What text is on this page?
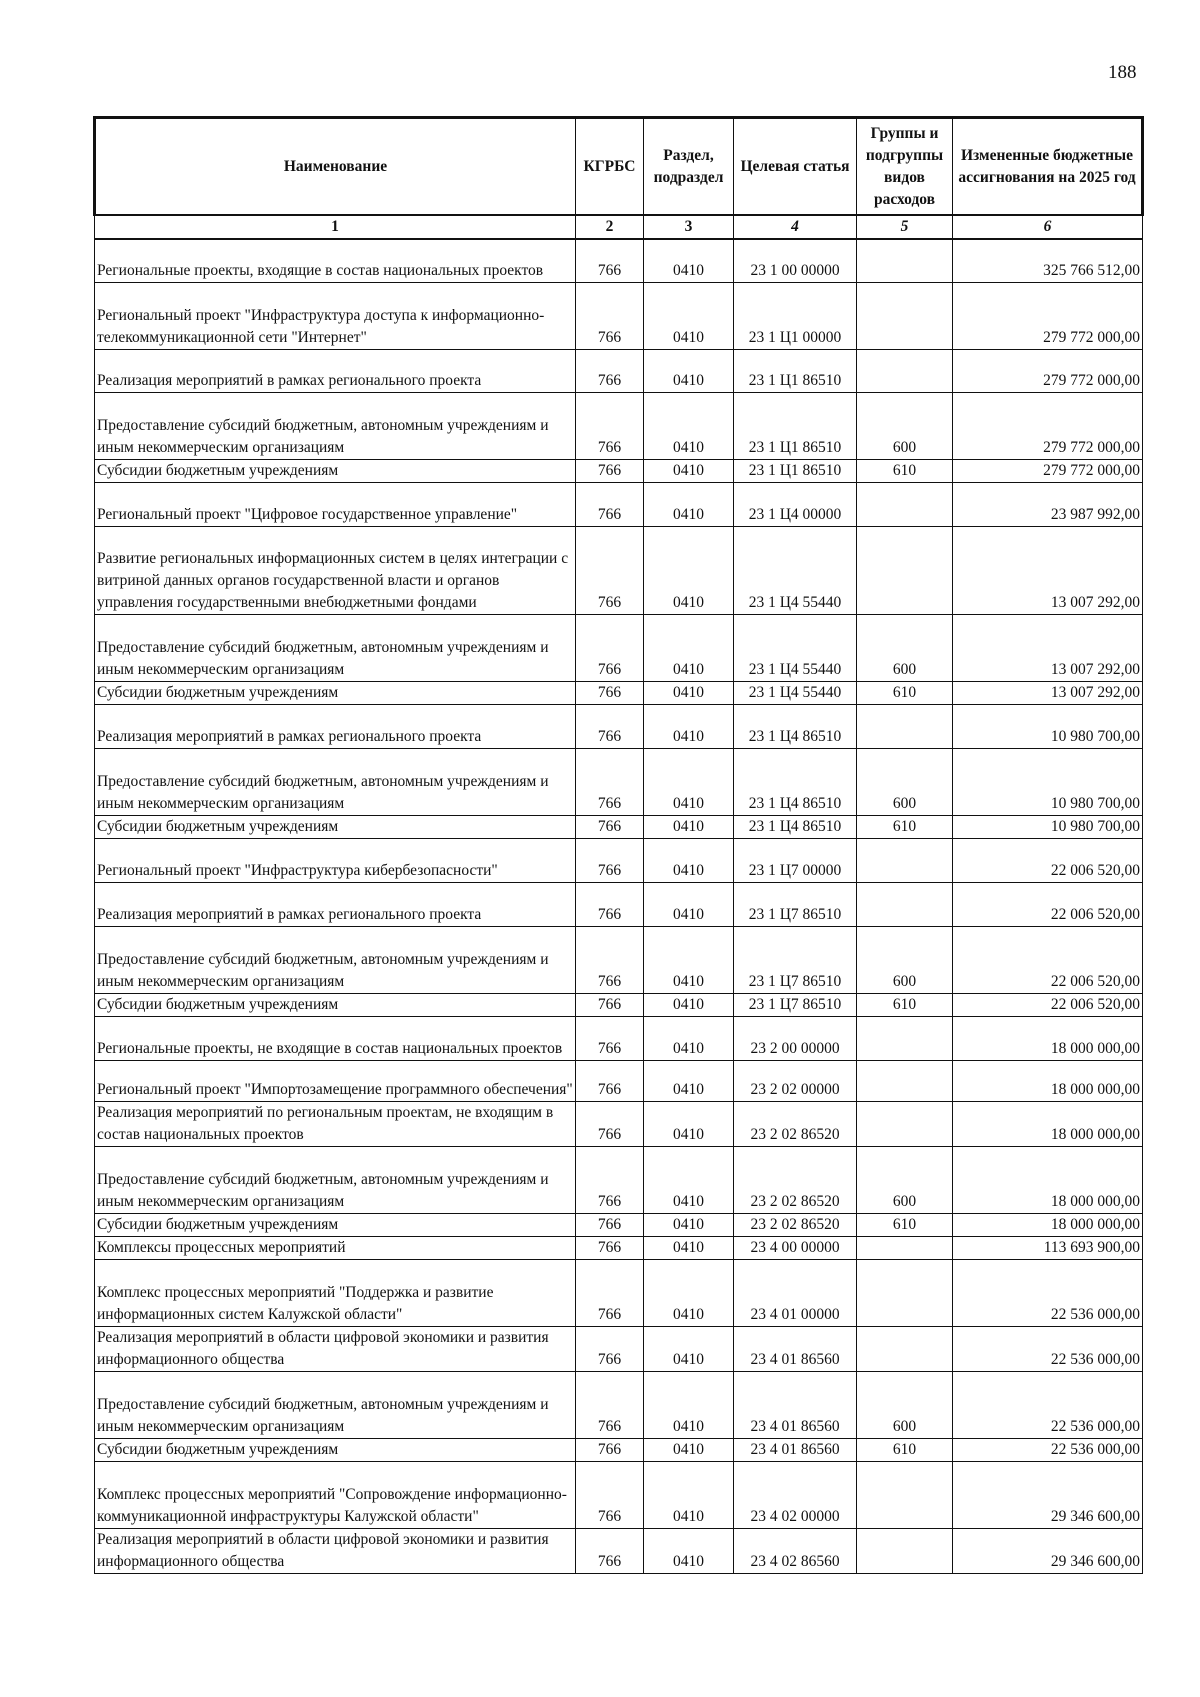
188
Наименование	КГРБС	Раздел, подраздел	Целевая статья	Группы и подгруппы видов расходов	Измененные бюджетные ассигнования на 2025 год
1	2	3	4	5	6
Региональные проекты, входящие в состав национальных проектов	766	0410	23 1 00 00000		325 766 512,00
Региональный проект "Инфраструктура доступа к информационно-телекоммуникационной сети "Интернет"	766	0410	23 1 Ц1 00000		279 772 000,00
Реализация мероприятий в рамках регионального проекта	766	0410	23 1 Ц1 86510		279 772 000,00
Предоставление субсидий бюджетным, автономным учреждениям и иным некоммерческим организациям	766	0410	23 1 Ц1 86510	600	279 772 000,00
Субсидии бюджетным учреждениям	766	0410	23 1 Ц1 86510	610	279 772 000,00
Региональный проект "Цифровое государственное управление"	766	0410	23 1 Ц4 00000		23 987 992,00
Развитие региональных информационных систем в целях интеграции с витриной данных органов государственной власти и органов управления государственными внебюджетными фондами	766	0410	23 1 Ц4 55440		13 007 292,00
Предоставление субсидий бюджетным, автономным учреждениям и иным некоммерческим организациям	766	0410	23 1 Ц4 55440	600	13 007 292,00
Субсидии бюджетным учреждениям	766	0410	23 1 Ц4 55440	610	13 007 292,00
Реализация мероприятий в рамках регионального проекта	766	0410	23 1 Ц4 86510		10 980 700,00
Предоставление субсидий бюджетным, автономным учреждениям и иным некоммерческим организациям	766	0410	23 1 Ц4 86510	600	10 980 700,00
Субсидии бюджетным учреждениям	766	0410	23 1 Ц4 86510	610	10 980 700,00
Региональный проект "Инфраструктура кибербезопасности"	766	0410	23 1 Ц7 00000		22 006 520,00
Реализация мероприятий в рамках регионального проекта	766	0410	23 1 Ц7 86510		22 006 520,00
Предоставление субсидий бюджетным, автономным учреждениям и иным некоммерческим организациям	766	0410	23 1 Ц7 86510	600	22 006 520,00
Субсидии бюджетным учреждениям	766	0410	23 1 Ц7 86510	610	22 006 520,00
Региональные проекты, не входящие в состав национальных проектов	766	0410	23 2 00 00000		18 000 000,00
Региональный проект "Импортозамещение программного обеспечения"	766	0410	23 2 02 00000		18 000 000,00
Реализация мероприятий по региональным проектам, не входящим в состав национальных проектов	766	0410	23 2 02 86520		18 000 000,00
Предоставление субсидий бюджетным, автономным учреждениям и иным некоммерческим организациям	766	0410	23 2 02 86520	600	18 000 000,00
Субсидии бюджетным учреждениям	766	0410	23 2 02 86520	610	18 000 000,00
Комплексы процессных мероприятий	766	0410	23 4 00 00000		113 693 900,00
Комплекс процессных мероприятий "Поддержка и развитие информационных систем Калужской области"	766	0410	23 4 01 00000		22 536 000,00
Реализация мероприятий в области цифровой экономики и развития информационного общества	766	0410	23 4 01 86560		22 536 000,00
Предоставление субсидий бюджетным, автономным учреждениям и иным некоммерческим организациям	766	0410	23 4 01 86560	600	22 536 000,00
Субсидии бюджетным учреждениям	766	0410	23 4 01 86560	610	22 536 000,00
Комплекс процессных мероприятий "Сопровождение информационно-коммуникационной инфраструктуры Калужской области"	766	0410	23 4 02 00000		29 346 600,00
Реализация мероприятий в области цифровой экономики и развития информационного общества	766	0410	23 4 02 86560		29 346 600,00
